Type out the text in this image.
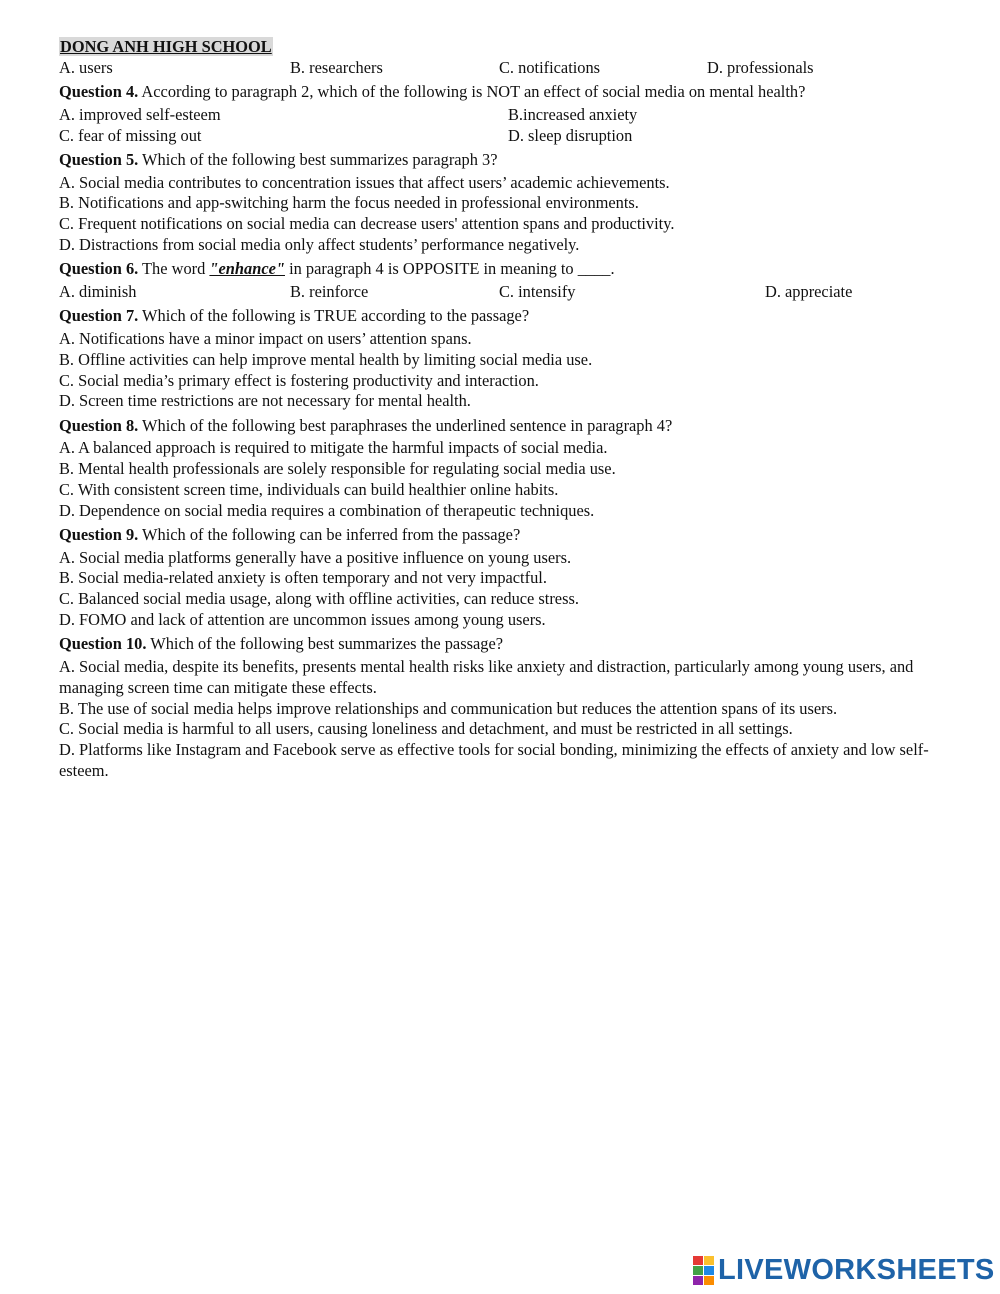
DONG ANH HIGH SCHOOL
A. users	B. researchers	C. notifications	D. professionals
Question 4. According to paragraph 2, which of the following is NOT an effect of social media on mental health?
A. improved self-esteem	B.increased anxiety
C. fear of missing out	D. sleep disruption
Question 5. Which of the following best summarizes paragraph 3?
A. Social media contributes to concentration issues that affect users’ academic achievements.
B. Notifications and app-switching harm the focus needed in professional environments.
C. Frequent notifications on social media can decrease users' attention spans and productivity.
D. Distractions from social media only affect students’ performance negatively.
Question 6. The word "enhance" in paragraph 4 is OPPOSITE in meaning to ____.
A. diminish	B. reinforce	C. intensify	D. appreciate
Question 7. Which of the following is TRUE according to the passage?
A. Notifications have a minor impact on users’ attention spans.
B. Offline activities can help improve mental health by limiting social media use.
C. Social media’s primary effect is fostering productivity and interaction.
D. Screen time restrictions are not necessary for mental health.
Question 8. Which of the following best paraphrases the underlined sentence in paragraph 4?
A. A balanced approach is required to mitigate the harmful impacts of social media.
B. Mental health professionals are solely responsible for regulating social media use.
C. With consistent screen time, individuals can build healthier online habits.
D. Dependence on social media requires a combination of therapeutic techniques.
Question 9. Which of the following can be inferred from the passage?
A. Social media platforms generally have a positive influence on young users.
B. Social media-related anxiety is often temporary and not very impactful.
C. Balanced social media usage, along with offline activities, can reduce stress.
D. FOMO and lack of attention are uncommon issues among young users.
Question 10. Which of the following best summarizes the passage?
A. Social media, despite its benefits, presents mental health risks like anxiety and distraction, particularly among young users, and managing screen time can mitigate these effects.
B. The use of social media helps improve relationships and communication but reduces the attention spans of its users.
C. Social media is harmful to all users, causing loneliness and detachment, and must be restricted in all settings.
D. Platforms like Instagram and Facebook serve as effective tools for social bonding, minimizing the effects of anxiety and low self-esteem.
LIVEWORKSHEETS
